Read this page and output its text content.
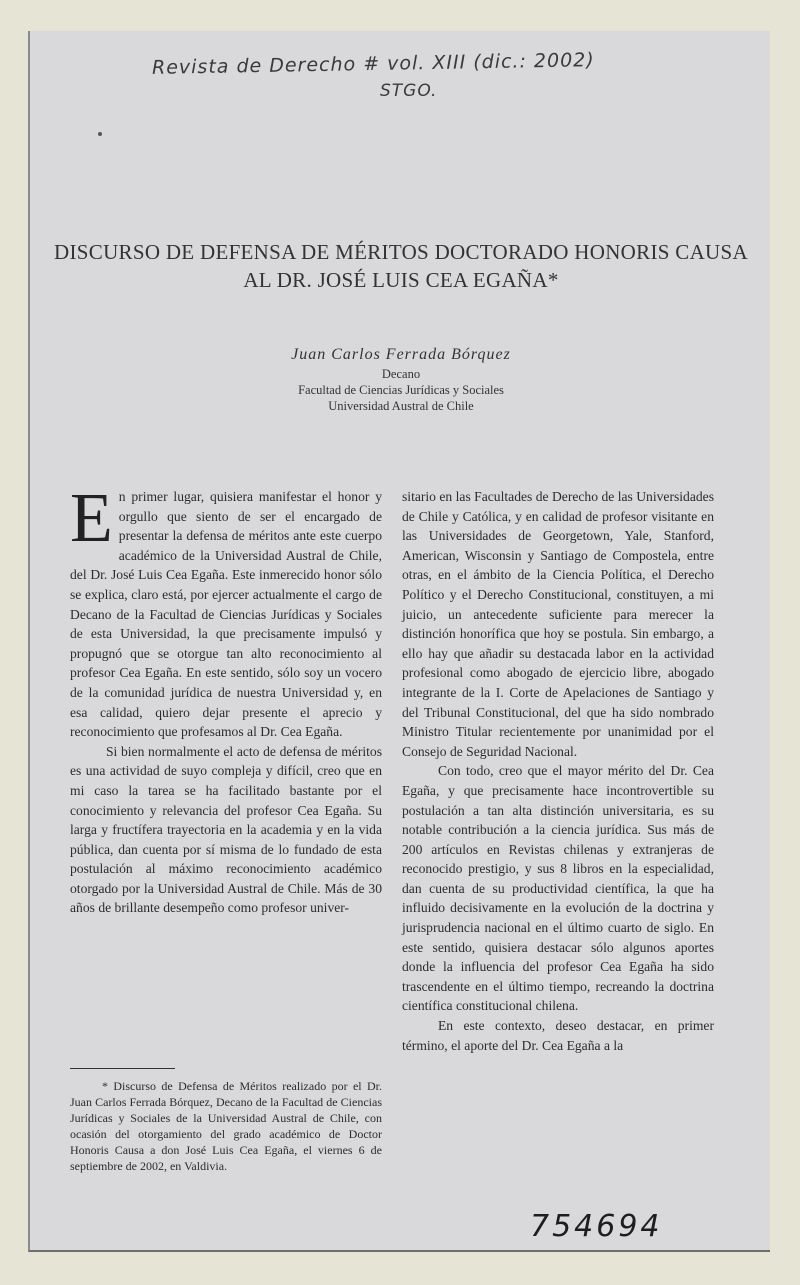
Revista de Derecho # vol. XIII (dic.: 2002)
STGO.
DISCURSO DE DEFENSA DE MÉRITOS DOCTORADO HONORIS CAUSA AL DR. JOSÉ LUIS CEA EGAÑA*
Juan Carlos Ferrada Bórquez
Decano
Facultad de Ciencias Jurídicas y Sociales
Universidad Austral de Chile

En primer lugar, quisiera manifestar el honor y orgullo que siento de ser el encargado de presentar la defensa de méritos ante este cuerpo académico de la Universidad Austral de Chile, del Dr. José Luis Cea Egaña. Este inmerecido honor sólo se explica, claro está, por ejercer actualmente el cargo de Decano de la Facultad de Ciencias Jurídicas y Sociales de esta Universidad, la que precisamente impulsó y propugnó que se otorgue tan alto reconocimiento al profesor Cea Egaña. En este sentido, sólo soy un vocero de la comunidad jurídica de nuestra Universidad y, en esa calidad, quiero dejar presente el aprecio y reconocimiento que profesamos al Dr. Cea Egaña.

Si bien normalmente el acto de defensa de méritos es una actividad de suyo compleja y difícil, creo que en mi caso la tarea se ha facilitado bastante por el conocimiento y relevancia del profesor Cea Egaña. Su larga y fructífera trayectoria en la academia y en la vida pública, dan cuenta por sí misma de lo fundado de esta postulación al máximo reconocimiento académico otorgado por la Universidad Austral de Chile. Más de 30 años de brillante desempeño como profesor univer-

sitario en las Facultades de Derecho de las Universidades de Chile y Católica, y en calidad de profesor visitante en las Universidades de Georgetown, Yale, Stanford, American, Wisconsin y Santiago de Compostela, entre otras, en el ámbito de la Ciencia Política, el Derecho Político y el Derecho Constitucional, constituyen, a mi juicio, un antecedente suficiente para merecer la distinción honorífica que hoy se postula. Sin embargo, a ello hay que añadir su destacada labor en la actividad profesional como abogado de ejercicio libre, abogado integrante de la I. Corte de Apelaciones de Santiago y del Tribunal Constitucional, del que ha sido nombrado Ministro Titular recientemente por unanimidad por el Consejo de Seguridad Nacional.

Con todo, creo que el mayor mérito del Dr. Cea Egaña, y que precisamente hace incontrovertible su postulación a tan alta distinción universitaria, es su notable contribución a la ciencia jurídica. Sus más de 200 artículos en Revistas chilenas y extranjeras de reconocido prestigio, y sus 8 libros en la especialidad, dan cuenta de su productividad científica, la que ha influido decisivamente en la evolución de la doctrina y jurisprudencia nacional en el último cuarto de siglo. En este sentido, quisiera destacar sólo algunos aportes donde la influencia del profesor Cea Egaña ha sido trascendente en el último tiempo, recreando la doctrina científica constitucional chilena.

En este contexto, deseo destacar, en primer término, el aporte del Dr. Cea Egaña a la

* Discurso de Defensa de Méritos realizado por el Dr. Juan Carlos Ferrada Bórquez, Decano de la Facultad de Ciencias Jurídicas y Sociales de la Universidad Austral de Chile, con ocasión del otorgamiento del grado académico de Doctor Honoris Causa a don José Luis Cea Egaña, el viernes 6 de septiembre de 2002, en Valdivia.
754694
